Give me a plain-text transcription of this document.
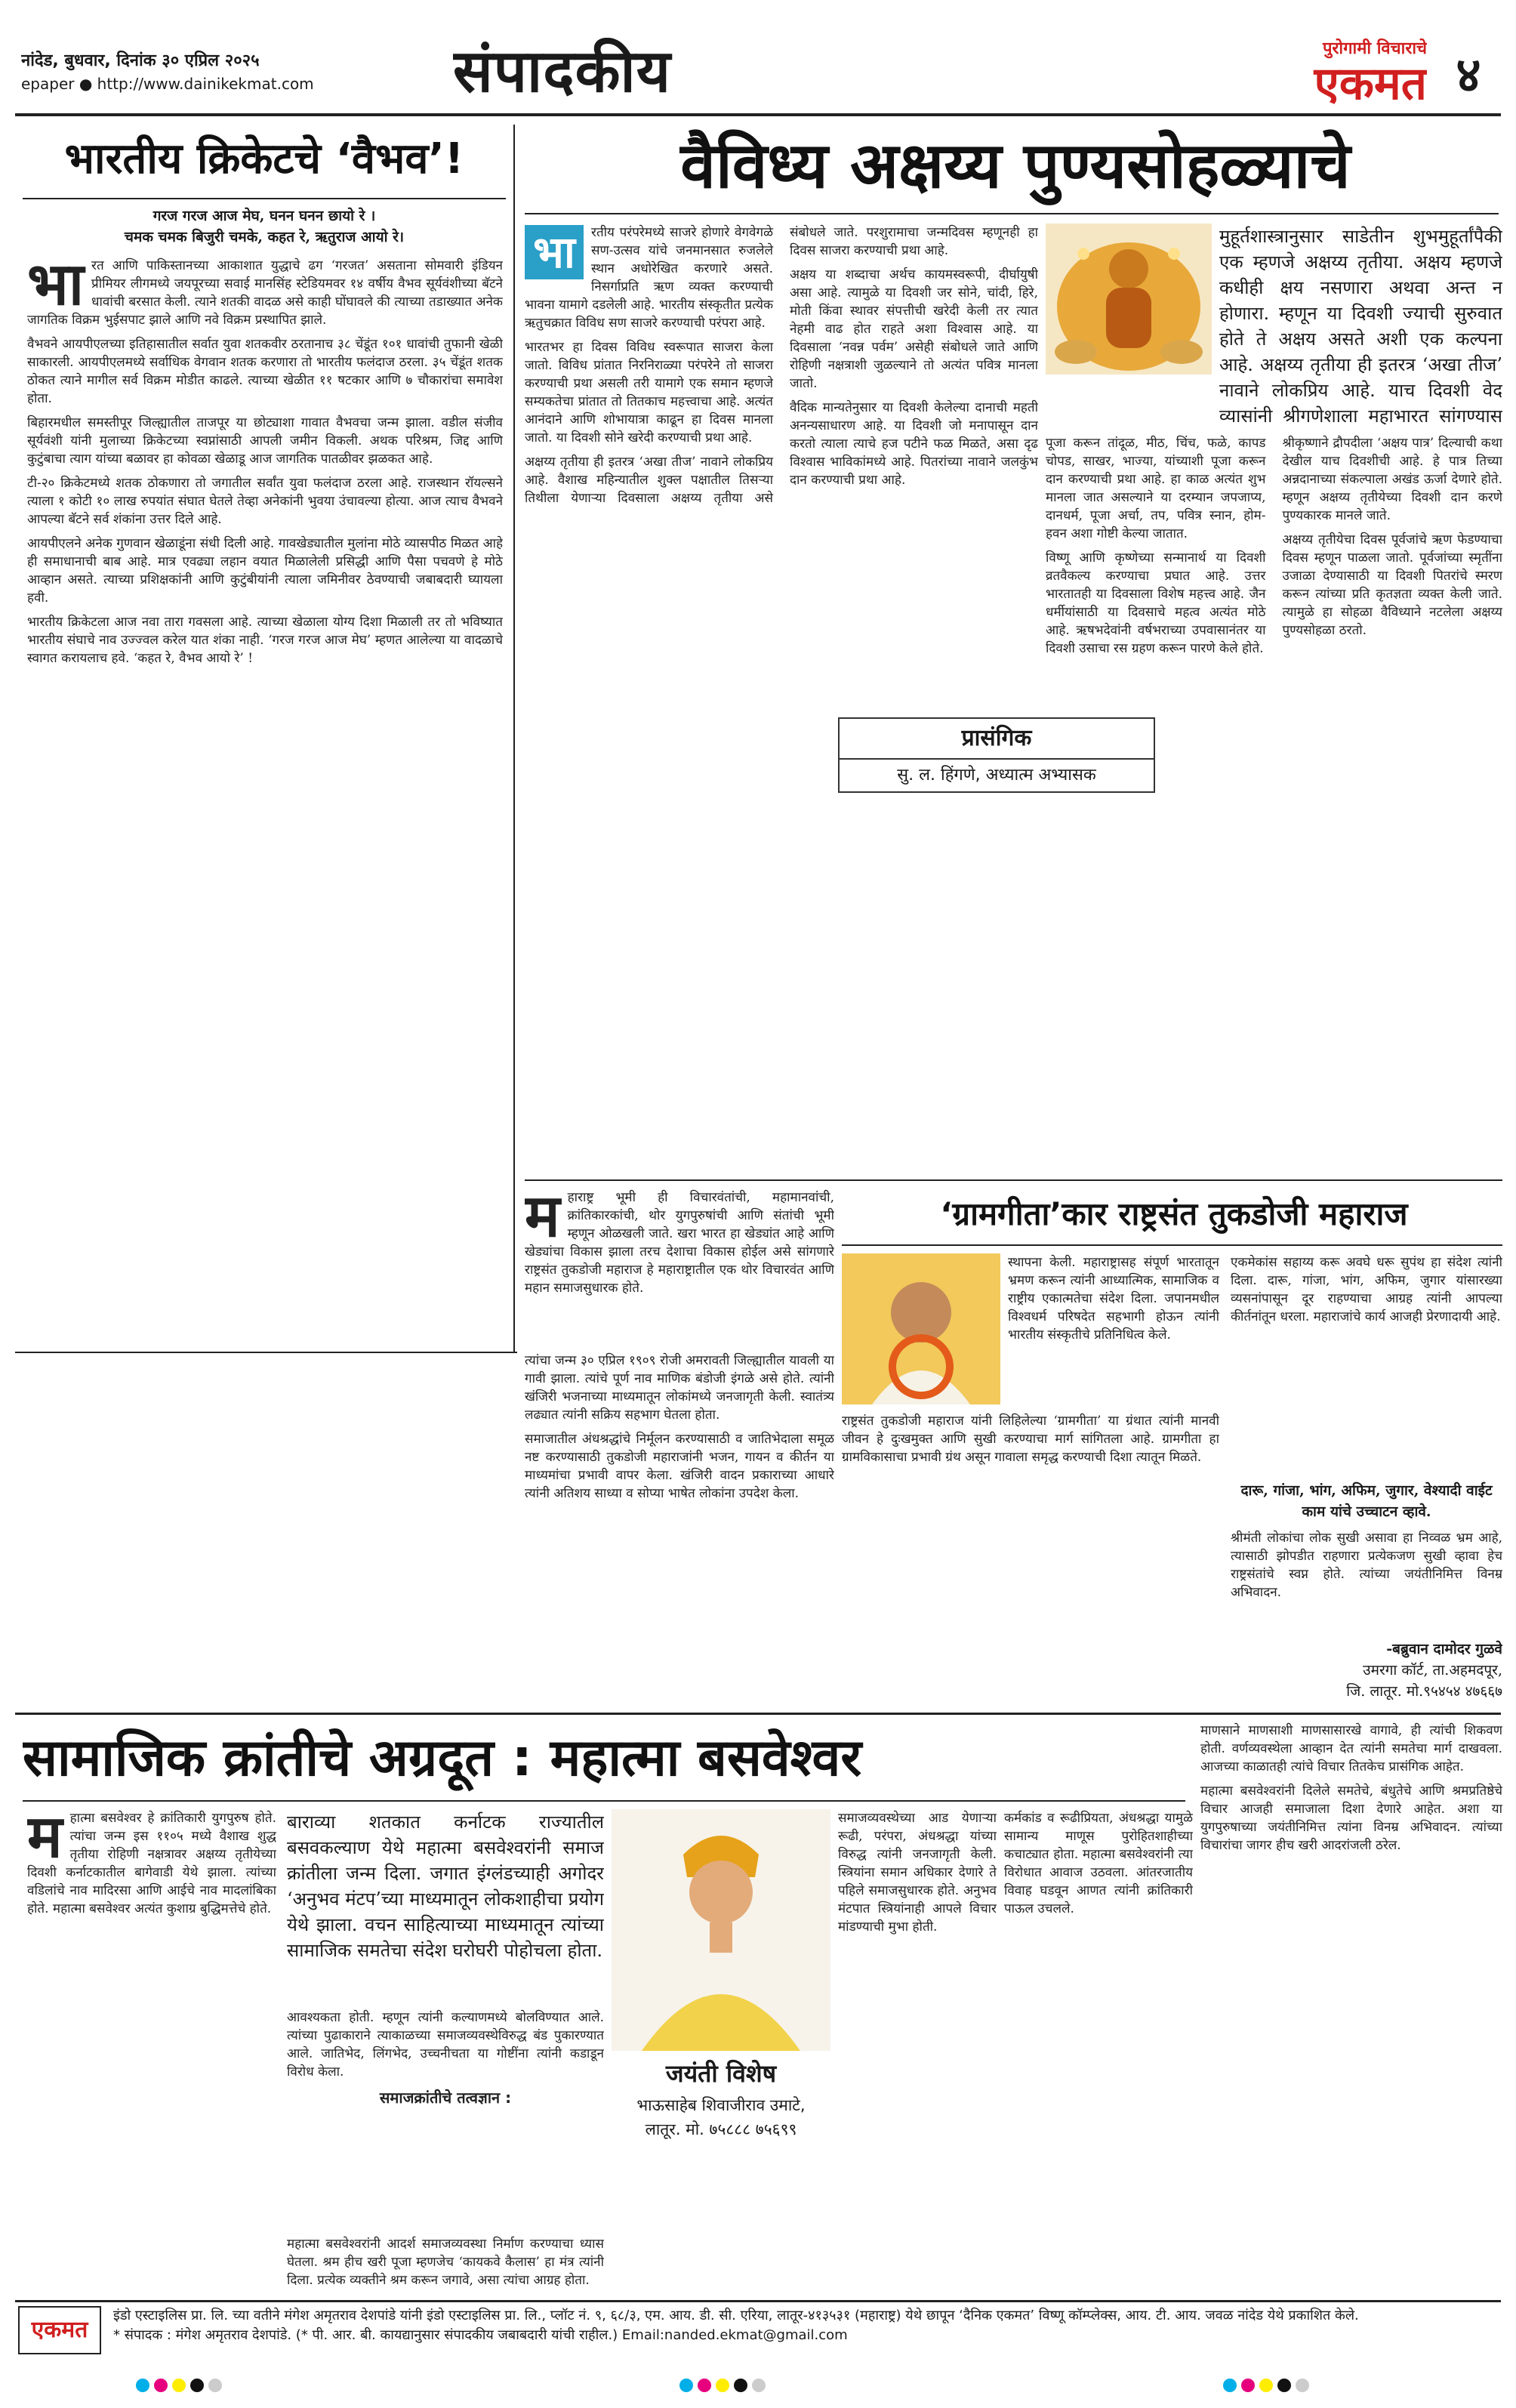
नांदेड, बुधवार, दिनांक ३० एप्रिल २०२५
epaper ● http://www.dainikekmat.com	संपादकीय	पुरोगामी विचाराचे
एकमत ४
भारतीय क्रिकेटचे ‘वैभव’!
गरज गरज आज मेघ, घनन घनन छायो रे ।
चमक चमक बिजुरी चमके, कहत रे, ऋतुराज आयो रे।
भा रत आणि पाकिस्तानच्या आकाशात युद्धाचे ढग ‘गरजत’ असताना सोमवारी इंडियन प्रीमियर लीगमध्ये जयपूरच्या सवाई मानसिंह स्टेडियमवर १४ वर्षीय वैभव सूर्यवंशीच्या बॅटने धावांची बरसात केली. त्याने शतकी वादळ असे काही घोंघावले की त्याच्या तडाख्यात अनेक जागतिक विक्रम भुईसपाट झाले आणि नवे विक्रम प्रस्थापित झाले.

वैभवने आयपीएलच्या इतिहासातील सर्वात युवा शतकवीर ठरतानाच ३८ चेंडूंत १०१ धावांची तुफानी खेळी साकारली. आयपीएलमध्ये सर्वाधिक वेगवान शतक करणारा तो भारतीय फलंदाज ठरला. ३५ चेंडूंत शतक ठोकत त्याने मागील सर्व विक्रम मोडीत काढले. त्याच्या खेळीत ११ षटकार आणि ७ चौकारांचा समावेश होता.

बिहारमधील समस्तीपूर जिल्ह्यातील ताजपूर या छोट्याशा गावात वैभवचा जन्म झाला. वडील संजीव सूर्यवंशी यांनी मुलाच्या क्रिकेटच्या स्वप्नांसाठी आपली जमीन विकली. अथक परिश्रम, जिद्द आणि कुटुंबाचा त्याग यांच्या बळावर हा कोवळा खेळाडू आज जागतिक पातळीवर झळकत आहे.

टी-२० क्रिकेटमध्ये शतक ठोकणारा तो जगातील सर्वांत युवा फलंदाज ठरला आहे. राजस्थान रॉयल्सने त्याला १ कोटी १० लाख रुपयांत संघात घेतले तेव्हा अनेकांनी भुवया उंचावल्या होत्या. आज त्याच वैभवने आपल्या बॅटने सर्व शंकांना उत्तर दिले आहे.

आयपीएलने अनेक गुणवान खेळाडूंना संधी दिली आहे. गावखेड्यातील मुलांना मोठे व्यासपीठ मिळत आहे ही समाधानाची बाब आहे. मात्र एवढ्या लहान वयात मिळालेली प्रसिद्धी आणि पैसा पचवणे हे मोठे आव्हान असते. त्याच्या प्रशिक्षकांनी आणि कुटुंबीयांनी त्याला जमिनीवर ठेवण्याची जबाबदारी घ्यायला हवी.

भारतीय क्रिकेटला आज नवा तारा गवसला आहे. त्याच्या खेळाला योग्य दिशा मिळाली तर तो भविष्यात भारतीय संघाचे नाव उज्ज्वल करेल यात शंका नाही. ‘गरज गरज आज मेघ’ म्हणत आलेल्या या वादळाचे स्वागत करायलाच हवे. ‘कहत रे, वैभव आयो रे’ !

वैविध्य अक्षय्य पुण्यसोहळ्याचे
भा	रतीय परंपरेमध्ये साजरे होणारे वेगवेगळे सण-उत्सव यांचे जनमानसात रुजलेले स्थान अधोरेखित करणारे असते. निसर्गाप्रति ऋण व्यक्त करण्याची भावना यामागे दडलेली आहे. भारतीय संस्कृतीत प्रत्येक ऋतुचक्रात विविध सण साजरे करण्याची परंपरा आहे.

भारतभर हा दिवस विविध स्वरूपात साजरा केला जातो. विविध प्रांतात निरनिराळ्या परंपरेने तो साजरा करण्याची प्रथा असली तरी यामागे एक समान म्हणजे सम्यकतेचा प्रांतात तो तितकाच महत्त्वाचा आहे. अत्यंत आनंदाने आणि शोभायात्रा काढून हा दिवस मानला जातो. या दिवशी सोने खरेदी करण्याची प्रथा आहे.

अक्षय्य तृतीया ही इतरत्र ‘अखा तीज’ नावाने लोकप्रिय आहे. वैशाख महिन्यातील शुक्ल पक्षातील तिसऱ्या तिथीला येणाऱ्या दिवसाला अक्षय्य तृतीया असे संबोधले जाते. परशुरामाचा जन्मदिवस म्हणूनही हा दिवस साजरा करण्याची प्रथा आहे.

अक्षय या शब्दाचा अर्थच कायमस्वरूपी, दीर्घायुषी असा आहे. त्यामुळे या दिवशी जर सोने, चांदी, हिरे, मोती किंवा स्थावर संपत्तीची खरेदी केली तर त्यात नेहमी वाढ होत राहते अशा विश्वास आहे. या दिवसाला ‘नवन्न पर्वम’ असेही संबोधले जाते आणि रोहिणी नक्षत्राशी जुळल्याने तो अत्यंत पवित्र मानला जातो.

वैदिक मान्यतेनुसार या दिवशी केलेल्या दानाची महती अनन्यसाधारण आहे. या दिवशी जो मनापासून दान करतो त्याला त्याचे हज पटीने फळ मिळते, असा दृढ विश्वास भाविकांमध्ये आहे. पितरांच्या नावाने जलकुंभ दान करण्याची प्रथा आहे.

मुहूर्तशास्त्रानुसार साडेतीन शुभमुहूर्तांपैकी एक म्हणजे अक्षय्य तृतीया. अक्षय म्हणजे कधीही क्षय नसणारा अथवा अन्त न होणारा. म्हणून या दिवशी ज्याची सुरुवात होते ते अक्षय असते अशी एक कल्पना आहे. अक्षय्य तृतीया ही इतरत्र ‘अखा तीज’ नावाने लोकप्रिय आहे. याच दिवशी वेद व्यासांनी श्रीगणेशाला महाभारत सांगण्यास

पूजा करून तांदूळ, मीठ, चिंच, फळे, कापड चोपड, साखर, भाज्या, यांच्याशी पूजा करून दान करण्याची प्रथा आहे. हा काळ अत्यंत शुभ मानला जात असल्याने या दरम्यान जपजाप्य, दानधर्म, पूजा अर्चा, तप, पवित्र स्नान, होम-हवन अशा गोष्टी केल्या जातात.

विष्णू आणि कृष्णेच्या सन्मानार्थ या दिवशी व्रतवैकल्य करण्याचा प्रघात आहे. उत्तर भारतातही या दिवसाला विशेष महत्त्व आहे. जैन धर्मीयांसाठी या दिवसाचे महत्व अत्यंत मोठे आहे. ऋषभदेवांनी वर्षभराच्या उपवासानंतर या दिवशी उसाचा रस ग्रहण करून पारणे केले होते.

श्रीकृष्णाने द्रौपदीला ‘अक्षय पात्र’ दिल्याची कथा देखील याच दिवशीची आहे. हे पात्र तिच्या अन्नदानाच्या संकल्पाला अखंड ऊर्जा देणारे होते. म्हणून अक्षय्य तृतीयेच्या दिवशी दान करणे पुण्यकारक मानले जाते.

अक्षय्य तृतीयेचा दिवस पूर्वजांचे ऋण फेडण्याचा दिवस म्हणून पाळला जातो. पूर्वजांच्या स्मृतींना उजाळा देण्यासाठी या दिवशी पितरांचे स्मरण करून त्यांच्या प्रति कृतज्ञता व्यक्त केली जाते. त्यामुळे हा सोहळा वैविध्याने नटलेला अक्षय्य पुण्यसोहळा ठरतो.

प्रासंगिक
सु. ल. हिंगणे, अध्यात्म अभ्यासक
‘ग्रामगीता’कार राष्ट्रसंत तुकडोजी महाराज
म हाराष्ट्र भूमी ही विचारवंतांची, महामानवांची, क्रांतिकारकांची, थोर युगपुरुषांची आणि संतांची भूमी म्हणून ओळखली जाते. खरा भारत हा खेड्यांत आहे आणि खेड्यांचा विकास झाला तरच देशाचा विकास होईल असे सांगणारे राष्ट्रसंत तुकडोजी महाराज हे महाराष्ट्रातील एक थोर विचारवंत आणि महान समाजसुधारक होते.

स्थापना केली. महाराष्ट्रासह संपूर्ण भारतातून भ्रमण करून त्यांनी आध्यात्मिक, सामाजिक व राष्ट्रीय एकात्मतेचा संदेश दिला. जपानमधील विश्वधर्म परिषदेत सहभागी होऊन त्यांनी भारतीय संस्कृतीचे प्रतिनिधित्व केले.

एकमेकांस सहाय्य करू अवघे धरू सुपंथ हा संदेश त्यांनी दिला. दारू, गांजा, भांग, अफिम, जुगार यांसारख्या व्यसनांपासून दूर राहण्याचा आग्रह त्यांनी आपल्या कीर्तनांतून धरला. महाराजांचे कार्य आजही प्रेरणादायी आहे.

दारू, गांजा, भांग, अफिम, जुगार, वेश्यादी वाईट काम यांचे उच्चाटन व्हावे.
श्रीमंती लोकांचा लोक सुखी असावा हा निव्वळ भ्रम आहे, त्यासाठी झोपडीत राहणारा प्रत्येकजण सुखी व्हावा हेच राष्ट्रसंतांचे स्वप्न होते. त्यांच्या जयंतीनिमित्त विनम्र अभिवादन.
-बब्रुवान दामोदर गुळवे
उमरगा कॉर्ट, ता.अहमदपूर,
जि. लातूर. मो.९५४५४ ४७६६७

त्यांचा जन्म ३० एप्रिल १९०९ रोजी अमरावती जिल्ह्यातील यावली या गावी झाला. त्यांचे पूर्ण नाव माणिक बंडोजी इंगळे असे होते. त्यांनी खंजिरी भजनाच्या माध्यमातून लोकांमध्ये जनजागृती केली. स्वातंत्र्य लढ्यात त्यांनी सक्रिय सहभाग घेतला होता.

समाजातील अंधश्रद्धांचे निर्मूलन करण्यासाठी व जातिभेदाला समूळ नष्ट करण्यासाठी तुकडोजी महाराजांनी भजन, गायन व कीर्तन या माध्यमांचा प्रभावी वापर केला. खंजिरी वादन प्रकाराच्या आधारे त्यांनी अतिशय साध्या व सोप्या भाषेत लोकांना उपदेश केला.

राष्ट्रसंत तुकडोजी महाराज यांनी लिहिलेल्या ‘ग्रामगीता’ या ग्रंथात त्यांनी मानवी जीवन हे दुःखमुक्त आणि सुखी करण्याचा मार्ग सांगितला आहे. ग्रामगीता हा ग्रामविकासाचा प्रभावी ग्रंथ असून गावाला समृद्ध करण्याची दिशा त्यातून मिळते.

सामाजिक क्रांतीचे अग्रदूत : महात्मा बसवेश्वर
म हात्मा बसवेश्वर हे क्रांतिकारी युगपुरुष होते. त्यांचा जन्म इस ११०५ मध्ये वैशाख शुद्ध तृतीया रोहिणी नक्षत्रावर अक्षय्य तृतीयेच्या दिवशी कर्नाटकातील बागेवाडी येथे झाला. त्यांच्या वडिलांचे नाव मादिरसा आणि आईचे नाव मादलांबिका होते. महात्मा बसवेश्वर अत्यंत कुशाग्र बुद्धिमत्तेचे होते.

बाराव्या शतकात कर्नाटक राज्यातील बसवकल्याण येथे महात्मा बसवेश्वरांनी समाज क्रांतीला जन्म दिला. जगात इंग्लंडच्याही अगोदर ‘अनुभव मंटप’च्या माध्यमातून लोकशाहीचा प्रयोग येथे झाला. वचन साहित्याच्या माध्यमातून त्यांच्या सामाजिक समतेचा संदेश घरोघरी पोहोचला होता.

आवश्यकता होती. म्हणून त्यांनी कल्याणमध्ये बोलविण्यात आले. त्यांच्या पुढाकाराने त्याकाळच्या समाजव्यवस्थेविरुद्ध बंड पुकारण्यात आले. जातिभेद, लिंगभेद, उच्चनीचता या गोष्टींना त्यांनी कडाडून विरोध केला.

समाजक्रांतीचे तत्वज्ञान :
महात्मा बसवेश्वरांनी आदर्श समाजव्यवस्था निर्माण करण्याचा ध्यास घेतला. श्रम हीच खरी पूजा म्हणजेच ‘कायकवे कैलास’ हा मंत्र त्यांनी दिला. प्रत्येक व्यक्तीने श्रम करून जगावे, असा त्यांचा आग्रह होता.
जयंती विशेष
भाऊसाहेब शिवाजीराव उमाटे,
लातूर. मो. ७५८८८ ७५६९९

समाजव्यवस्थेच्या आड येणाऱ्या रूढी, परंपरा, अंधश्रद्धा यांच्या विरुद्ध त्यांनी जनजागृती केली. स्त्रियांना समान अधिकार देणारे ते पहिले समाजसुधारक होते. अनुभव मंटपात स्त्रियांनाही आपले विचार मांडण्याची मुभा होती.

कर्मकांड व रूढीप्रियता, अंधश्रद्धा यामुळे सामान्य माणूस पुरोहितशाहीच्या कचाट्यात होता. महात्मा बसवेश्वरांनी त्या विरोधात आवाज उठवला. आंतरजातीय विवाह घडवून आणत त्यांनी क्रांतिकारी पाऊल उचलले.

माणसाने माणसाशी माणसासारखे वागावे, ही त्यांची शिकवण होती. वर्णव्यवस्थेला आव्हान देत त्यांनी समतेचा मार्ग दाखवला. आजच्या काळातही त्यांचे विचार तितकेच प्रासंगिक आहेत.

महात्मा बसवेश्वरांनी दिलेले समतेचे, बंधुतेचे आणि श्रमप्रतिष्ठेचे विचार आजही समाजाला दिशा देणारे आहेत. अशा या युगपुरुषाच्या जयंतीनिमित्त त्यांना विनम्र अभिवादन. त्यांच्या विचारांचा जागर हीच खरी आदरांजली ठरेल.

एकमत
इंडो एस्टाइलिस प्रा. लि. च्या वतीने मंगेश अमृतराव देशपांडे यांनी इंडो एस्टाइलिस प्रा. लि., प्लॉट नं. ९, ६८/३, एम. आय. डी. सी. एरिया, लातूर-४१३५३१ (महाराष्ट्र) येथे छापून ‘दैनिक एकमत’ विष्णू कॉम्प्लेक्स, आय. टी. आय. जवळ नांदेड येथे प्रकाशित केले.
* संपादक : मंगेश अमृतराव देशपांडे. (* पी. आर. बी. कायद्यानुसार संपादकीय जबाबदारी यांची राहील.) Email:nanded.ekmat@gmail.com
